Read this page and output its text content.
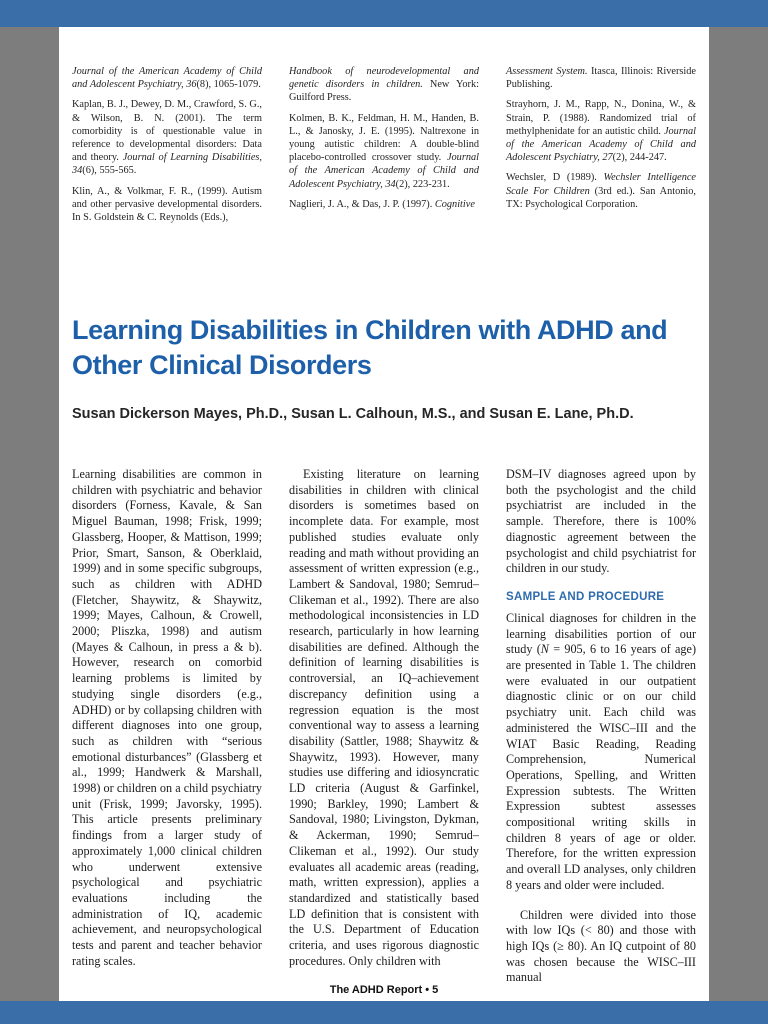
Journal of the American Academy of Child and Adolescent Psychiatry, 36(8), 1065-1079.

Kaplan, B. J., Dewey, D. M., Crawford, S. G., & Wilson, B. N. (2001). The term comorbidity is of questionable value in reference to developmental disorders: Data and theory. Journal of Learning Disabilities, 34(6), 555-565.

Klin, A., & Volkmar, F. R., (1999). Autism and other pervasive developmental disorders. In S. Goldstein & C. Reynolds (Eds.),

Handbook of neurodevelopmental and genetic disorders in children. New York: Guilford Press.

Kolmen, B. K., Feldman, H. M., Handen, B. L., & Janosky, J. E. (1995). Naltrexone in young autistic children: A double-blind placebo-controlled crossover study. Journal of the American Academy of Child and Adolescent Psychiatry, 34(2), 223-231.

Naglieri, J. A., & Das, J. P. (1997). Cognitive

Assessment System. Itasca, Illinois: Riverside Publishing.

Strayhorn, J. M., Rapp, N., Donina, W., & Strain, P. (1988). Randomized trial of methylphenidate for an autistic child. Journal of the American Academy of Child and Adolescent Psychiatry, 27(2), 244-247.

Wechsler, D (1989). Wechsler Intelligence Scale For Children (3rd ed.). San Antonio, TX: Psychological Corporation.

Learning Disabilities in Children with ADHD and Other Clinical Disorders
Susan Dickerson Mayes, Ph.D., Susan L. Calhoun, M.S., and Susan E. Lane, Ph.D.

Learning disabilities are common in children with psychiatric and behavior disorders (Forness, Kavale, & San Miguel Bauman, 1998; Frisk, 1999; Glassberg, Hooper, & Mattison, 1999; Prior, Smart, Sanson, & Oberklaid, 1999) and in some specific subgroups, such as children with ADHD (Fletcher, Shaywitz, & Shaywitz, 1999; Mayes, Calhoun, & Crowell, 2000; Pliszka, 1998) and autism (Mayes & Calhoun, in press a & b). However, research on comorbid learning problems is limited by studying single disorders (e.g., ADHD) or by collapsing children with different diagnoses into one group, such as children with “serious emotional disturbances” (Glassberg et al., 1999; Handwerk & Marshall, 1998) or children on a child psychiatry unit (Frisk, 1999; Javorsky, 1995). This article presents preliminary findings from a larger study of approximately 1,000 clinical children who underwent extensive psychological and psychiatric evaluations including the administration of IQ, academic achievement, and neuropsychological tests and parent and teacher behavior rating scales.

Existing literature on learning disabilities in children with clinical disorders is sometimes based on incomplete data. For example, most published studies evaluate only reading and math without providing an assessment of written expression (e.g., Lambert & Sandoval, 1980; Semrud–Clikeman et al., 1992). There are also methodological inconsistencies in LD research, particularly in how learning disabilities are defined. Although the definition of learning disabilities is controversial, an IQ–achievement discrepancy definition using a regression equation is the most conventional way to assess a learning disability (Sattler, 1988; Shaywitz & Shaywitz, 1993). However, many studies use differing and idiosyncratic LD criteria (August & Garfinkel, 1990; Barkley, 1990; Lambert & Sandoval, 1980; Livingston, Dykman, & Ackerman, 1990; Semrud–Clikeman et al., 1992). Our study evaluates all academic areas (reading, math, written expression), applies a standardized and statistically based LD definition that is consistent with the U.S. Department of Education criteria, and uses rigorous diagnostic procedures. Only children with

DSM–IV diagnoses agreed upon by both the psychologist and the child psychiatrist are included in the sample. Therefore, there is 100% diagnostic agreement between the psychologist and child psychiatrist for children in our study.

SAMPLE AND PROCEDURE

Clinical diagnoses for children in the learning disabilities portion of our study (N = 905, 6 to 16 years of age) are presented in Table 1. The children were evaluated in our outpatient diagnostic clinic or on our child psychiatry unit. Each child was administered the WISC–III and the WIAT Basic Reading, Reading Comprehension, Numerical Operations, Spelling, and Written Expression subtests. The Written Expression subtest assesses compositional writing skills in children 8 years of age or older. Therefore, for the written expression and overall LD analyses, only children 8 years and older were included.

Children were divided into those with low IQs (< 80) and those with high IQs (≥ 80). An IQ cutpoint of 80 was chosen because the WISC–III manual

The ADHD Report • 5
